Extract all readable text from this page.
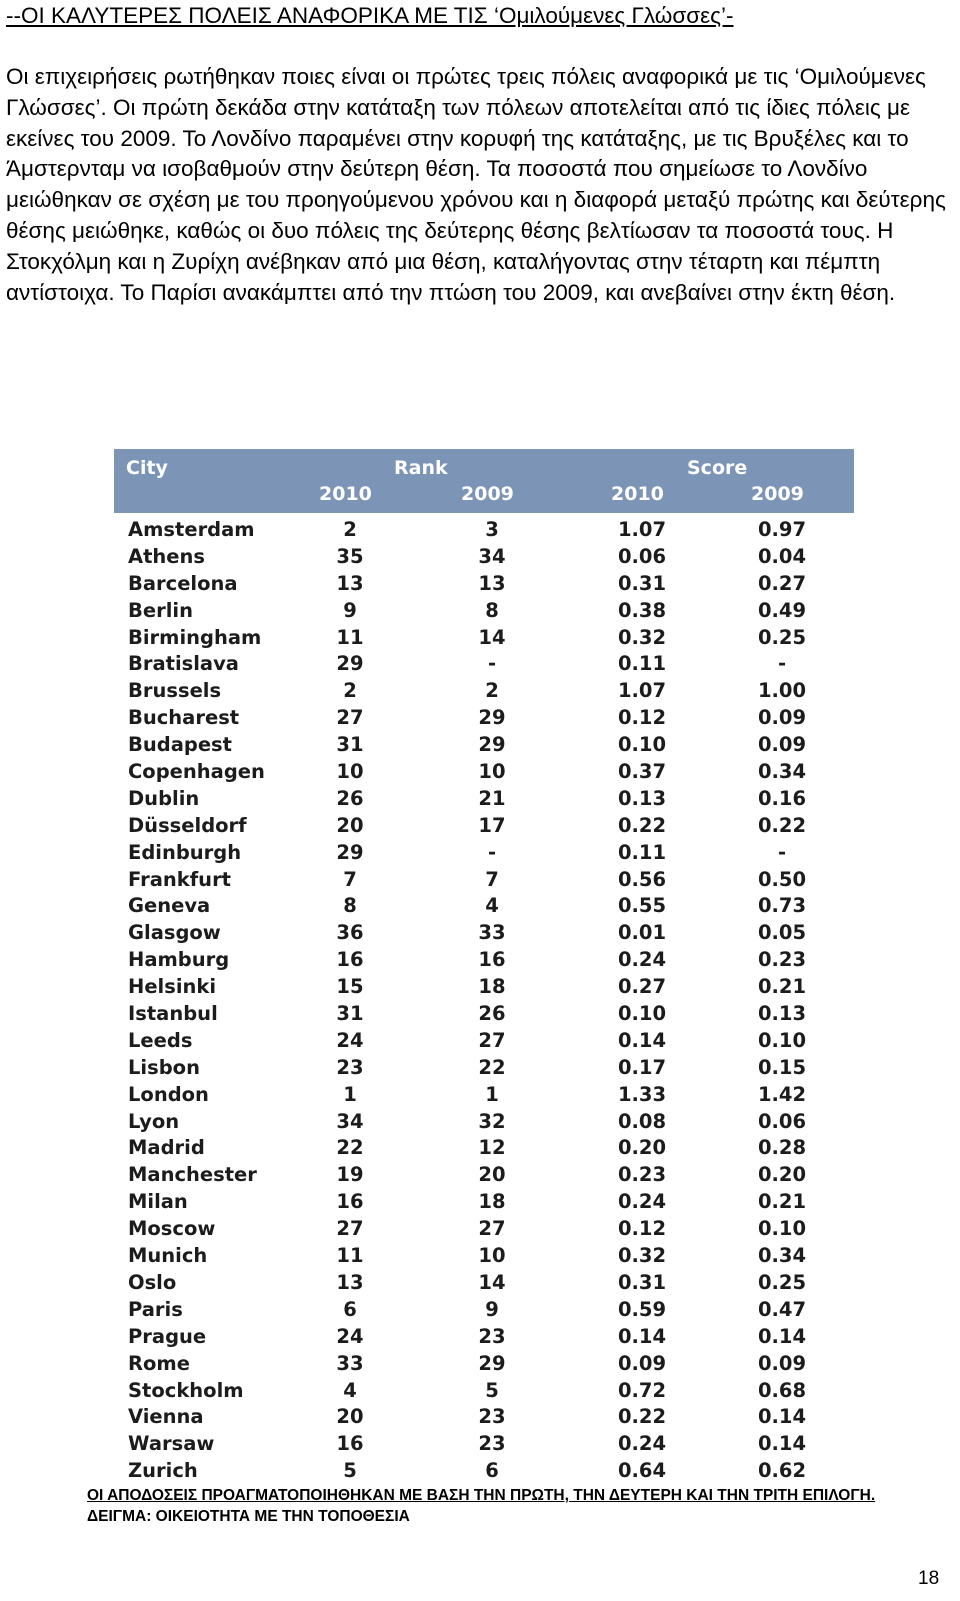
--ΟΙ ΚΑΛΥΤΕΡΕΣ ΠΟΛΕΙΣ ΑΝΑΦΟΡΙΚΑ ΜΕ ΤΙΣ ‘Ομιλούμενες Γλώσσες’-
Οι επιχειρήσεις ρωτήθηκαν ποιες είναι οι πρώτες τρεις πόλεις αναφορικά με τις ‘Ομιλούμενες Γλώσσες’. Οι πρώτη δεκάδα στην κατάταξη των πόλεων αποτελείται από τις ίδιες πόλεις με εκείνες του 2009. Το Λονδίνο παραμένει στην κορυφή της κατάταξης, με τις Βρυξέλες και το Άμστερνταμ να ισοβαθμούν στην δεύτερη θέση. Τα ποσοστά που σημείωσε το Λονδίνο μειώθηκαν σε σχέση με του προηγούμενου χρόνου και η διαφορά μεταξύ πρώτης και δεύτερης θέσης μειώθηκε, καθώς οι δυο πόλεις της δεύτερης θέσης βελτίωσαν τα ποσοστά τους. Η Στοκχόλμη και η Ζυρίχη ανέβηκαν από μια θέση, καταλήγοντας στην τέταρτη και πέμπτη αντίστοιχα. Το Παρίσι ανακάμπτει από την πτώση του 2009, και ανεβαίνει στην έκτη θέση.
City	Rank	Score
2010	2009	2010	2009
Amsterdam	2	3	1.07	0.97
Athens	35	34	0.06	0.04
Barcelona	13	13	0.31	0.27
Berlin	9	8	0.38	0.49
Birmingham	11	14	0.32	0.25
Bratislava	29	-	0.11	-
Brussels	2	2	1.07	1.00
Bucharest	27	29	0.12	0.09
Budapest	31	29	0.10	0.09
Copenhagen	10	10	0.37	0.34
Dublin	26	21	0.13	0.16
Düsseldorf	20	17	0.22	0.22
Edinburgh	29	-	0.11	-
Frankfurt	7	7	0.56	0.50
Geneva	8	4	0.55	0.73
Glasgow	36	33	0.01	0.05
Hamburg	16	16	0.24	0.23
Helsinki	15	18	0.27	0.21
Istanbul	31	26	0.10	0.13
Leeds	24	27	0.14	0.10
Lisbon	23	22	0.17	0.15
London	1	1	1.33	1.42
Lyon	34	32	0.08	0.06
Madrid	22	12	0.20	0.28
Manchester	19	20	0.23	0.20
Milan	16	18	0.24	0.21
Moscow	27	27	0.12	0.10
Munich	11	10	0.32	0.34
Oslo	13	14	0.31	0.25
Paris	6	9	0.59	0.47
Prague	24	23	0.14	0.14
Rome	33	29	0.09	0.09
Stockholm	4	5	0.72	0.68
Vienna	20	23	0.22	0.14
Warsaw	16	23	0.24	0.14
Zurich	5	6	0.64	0.62
ΟΙ ΑΠΟΔΟΣΕΙΣ ΠΡΟΑΓΜΑΤΟΠΟΙΗΘΗΚΑΝ ΜΕ ΒΑΣΗ ΤΗΝ ΠΡΩΤΗ, ΤΗΝ ΔΕΥΤΕΡΗ ΚΑΙ ΤΗΝ ΤΡΙΤΗ ΕΠΙΛΟΓΗ.
ΔΕΙΓΜΑ: ΟΙΚΕΙΟΤΗΤΑ ΜΕ ΤΗΝ ΤΟΠΟΘΕΣΙΑ
18
